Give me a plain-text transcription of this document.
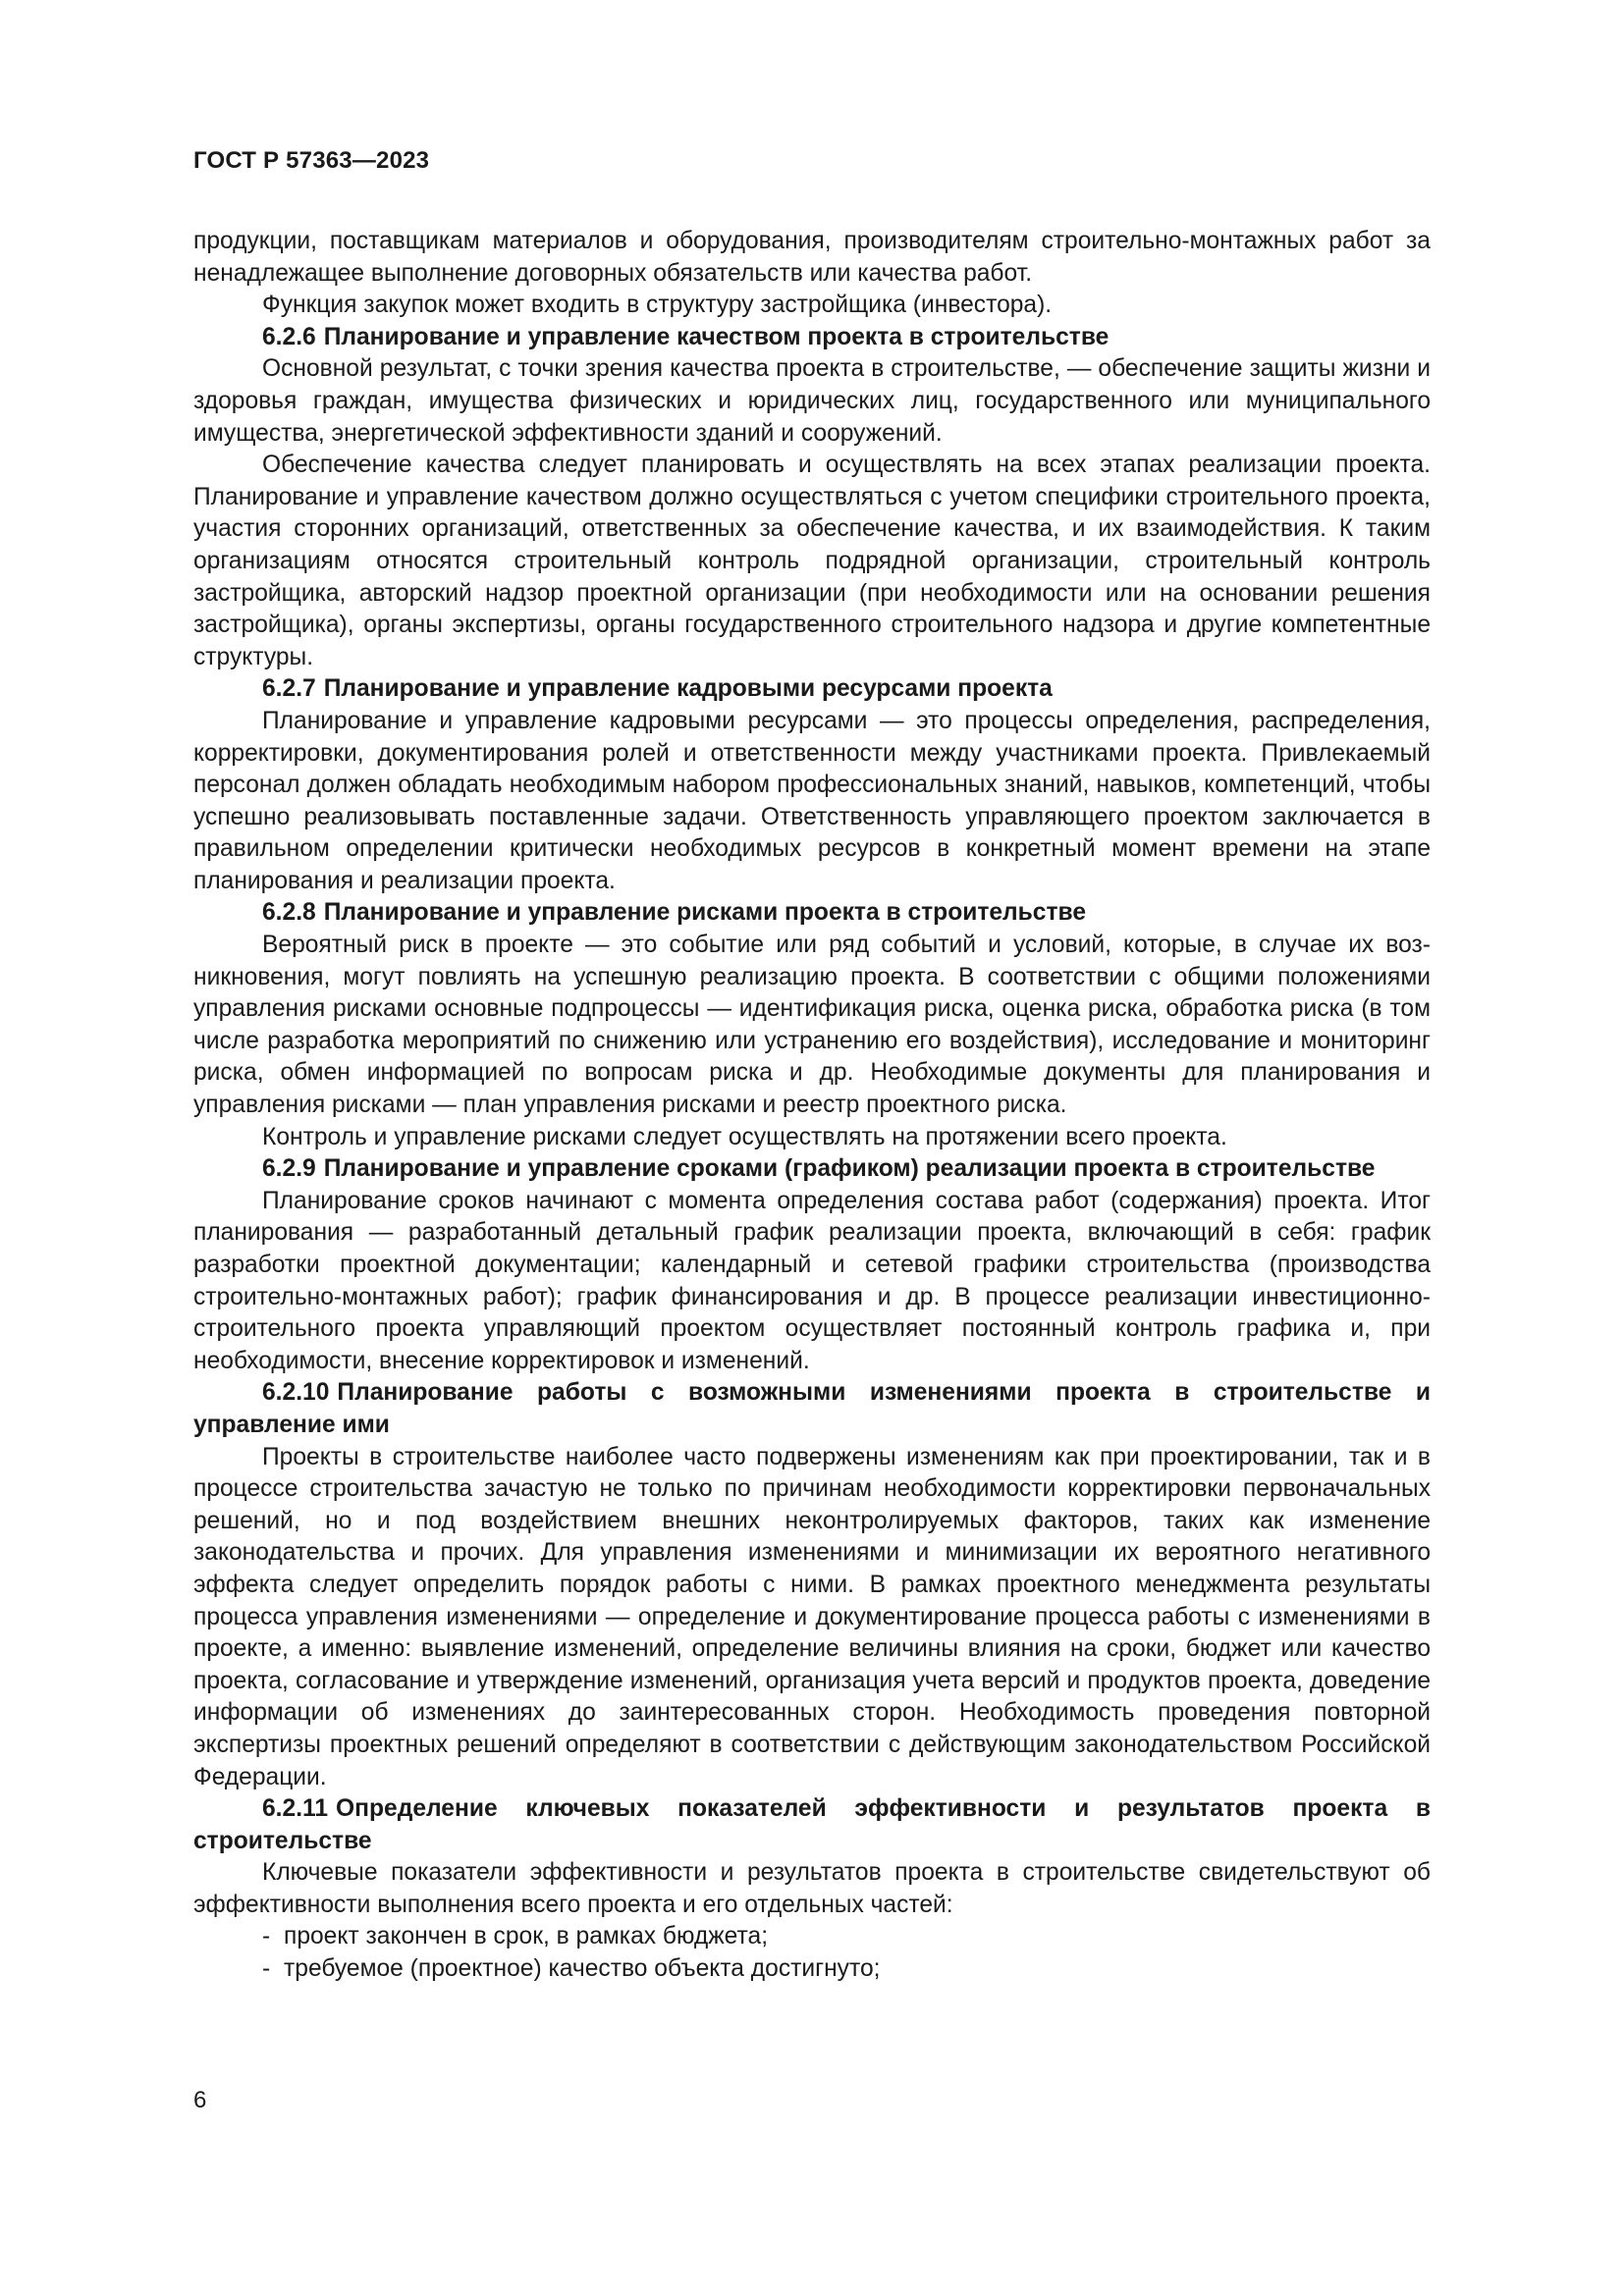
ГОСТ Р 57363—2023

продукции, поставщикам материалов и оборудования, производителям строительно-монтажных работ за ненадлежащее выполнение договорных обязательств или качества работ.

Функция закупок может входить в структуру застройщика (инвестора).

6.2.6 Планирование и управление качеством проекта в строительстве

Основной результат, с точки зрения качества проекта в строительстве, — обеспечение защиты жизни и здоровья граждан, имущества физических и юридических лиц, государственного или муниципального имущества, энергетической эффективности зданий и сооружений.

Обеспечение качества следует планировать и осуществлять на всех этапах реализации проекта. Планирование и управление качеством должно осуществляться с учетом специфики строительного проекта, участия сторонних организаций, ответственных за обеспечение качества, и их взаимодействия. К таким организациям относятся строительный контроль подрядной организации, строительный контроль застройщика, авторский надзор проектной организации (при необходимости или на основании решения застройщика), органы экспертизы, органы государственного строительного надзора и другие компетентные структуры.

6.2.7 Планирование и управление кадровыми ресурсами проекта

Планирование и управление кадровыми ресурсами — это процессы определения, распределения, корректировки, документирования ролей и ответственности между участниками проекта. Привлекаемый персонал должен обладать необходимым набором профессиональных знаний, навыков, компетенций, чтобы успешно реализовывать поставленные задачи. Ответственность управляющего проектом заключается в правильном определении критически необходимых ресурсов в конкретный момент времени на этапе планирования и реализации проекта.

6.2.8 Планирование и управление рисками проекта в строительстве

Вероятный риск в проекте — это событие или ряд событий и условий, которые, в случае их возникновения, могут повлиять на успешную реализацию проекта. В соответствии с общими положениями управления рисками основные подпроцессы — идентификация риска, оценка риска, обработка риска (в том числе разработка мероприятий по снижению или устранению его воздействия), исследование и мониторинг риска, обмен информацией по вопросам риска и др. Необходимые документы для планирования и управления рисками — план управления рисками и реестр проектного риска.

Контроль и управление рисками следует осуществлять на протяжении всего проекта.

6.2.9 Планирование и управление сроками (графиком) реализации проекта в строительстве

Планирование сроков начинают с момента определения состава работ (содержания) проекта. Итог планирования — разработанный детальный график реализации проекта, включающий в себя: график разработки проектной документации; календарный и сетевой графики строительства (производства строительно-монтажных работ); график финансирования и др. В процессе реализации инвестиционно-строительного проекта управляющий проектом осуществляет постоянный контроль графика и, при необходимости, внесение корректировок и изменений.

6.2.10 Планирование работы с возможными изменениями проекта в строительстве и управление ими

Проекты в строительстве наиболее часто подвержены изменениям как при проектировании, так и в процессе строительства зачастую не только по причинам необходимости корректировки первоначальных решений, но и под воздействием внешних неконтролируемых факторов, таких как изменение законодательства и прочих. Для управления изменениями и минимизации их вероятного негативного эффекта следует определить порядок работы с ними. В рамках проектного менеджмента результаты процесса управления изменениями — определение и документирование процесса работы с изменениями в проекте, а именно: выявление изменений, определение величины влияния на сроки, бюджет или качество проекта, согласование и утверждение изменений, организация учета версий и продуктов проекта, доведение информации об изменениях до заинтересованных сторон. Необходимость проведения повторной экспертизы проектных решений определяют в соответствии с действующим законодательством Российской Федерации.

6.2.11 Определение ключевых показателей эффективности и результатов проекта в строительстве

Ключевые показатели эффективности и результатов проекта в строительстве свидетельствуют об эффективности выполнения всего проекта и его отдельных частей:

- проект закончен в срок, в рамках бюджета;

- требуемое (проектное) качество объекта достигнуто;

6
